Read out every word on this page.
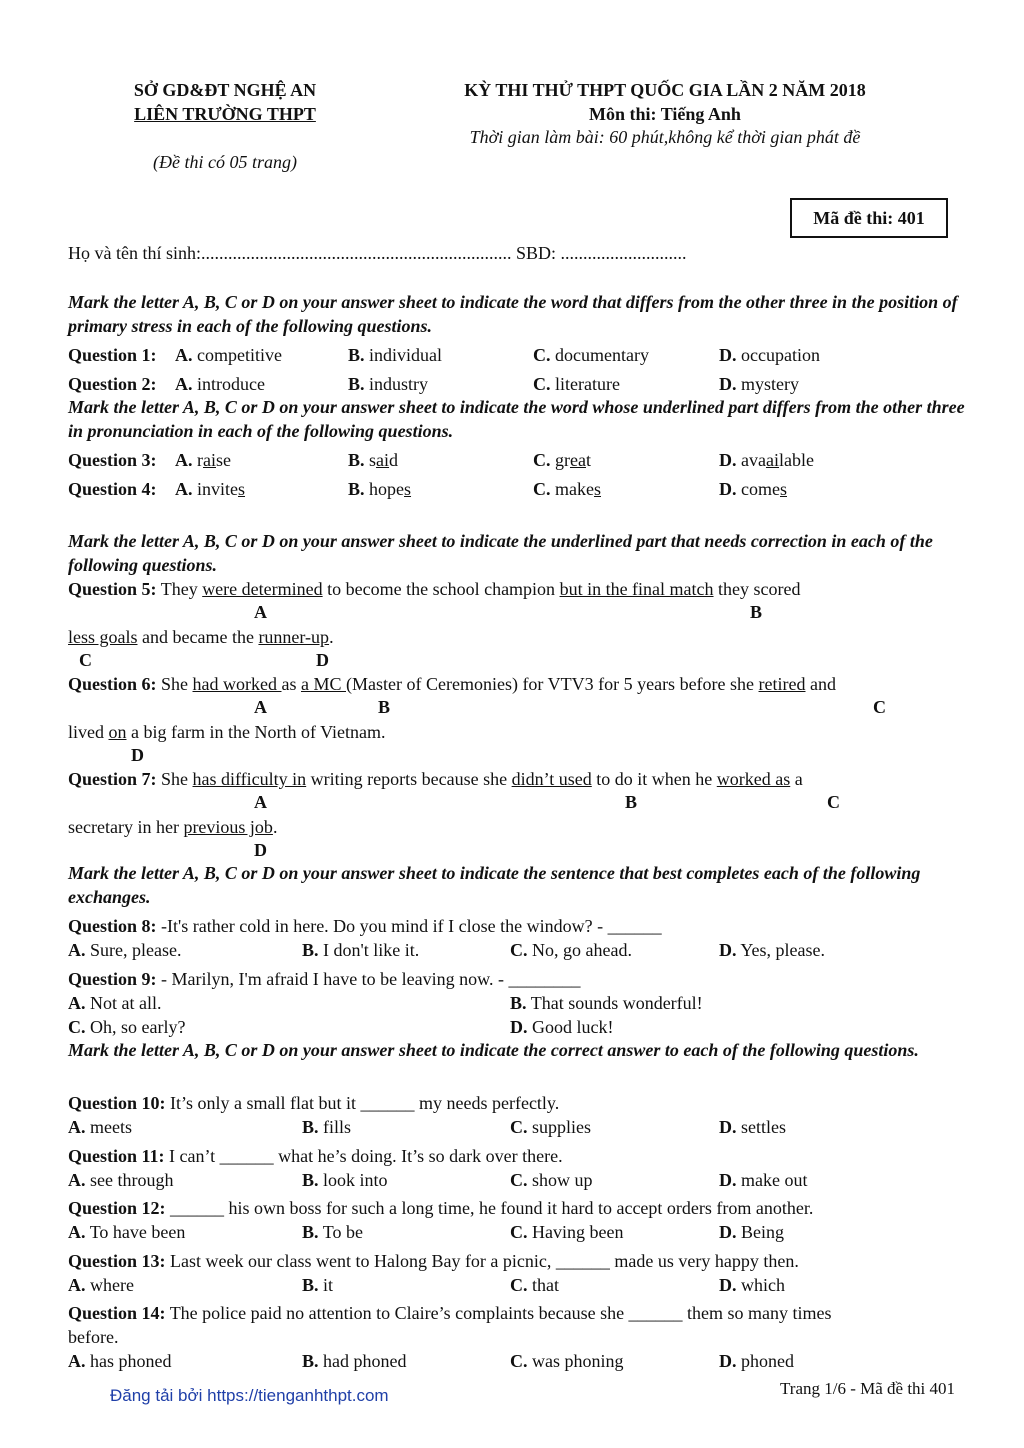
SỞ GD&ĐT NGHỆ AN
LIÊN TRƯỜNG THPT
(Đề thi có 05 trang)
KỲ THI THỬ THPT QUỐC GIA LẦN 2 NĂM 2018
Môn thi: Tiếng Anh
Thời gian làm bài: 60 phút,không kể thời gian phát đề
Mã đề thi: 401
Họ và tên thí sinh:..................................................................... SBD: ............................
Mark the letter A, B, C or D on your answer sheet to indicate the word that differs from the other three in the position of primary stress in each of the following questions.
Question 1: A. competitive	B. individual	C. documentary	D. occupation
Question 2: A. introduce	B. industry	C. literature	D. mystery
Mark the letter A, B, C or D on your answer sheet to indicate the word whose underlined part differs from the other three in pronunciation in each of the following questions.
Question 3: A. raise	B. said	C. great	D. avaailable
Question 4: A. invites	B. hopes	C. makes	D. comes
Mark the letter A, B, C or D on your answer sheet to indicate the underlined part that needs correction in each of the following questions.
Question 5: They were determined to become the school champion but in the final match they scored
A	B
less goals and became the runner-up.
C	D
Question 6: She had worked as a MC (Master of Ceremonies) for VTV3 for 5 years before she retired and
A	B	C
lived on a big farm in the North of Vietnam.
D
Question 7: She has difficulty in writing reports because she didn’t used to do it when he worked as a
A	B	C
secretary in her previous job.
D
Mark the letter A, B, C or D on your answer sheet to indicate the sentence that best completes each of the following exchanges.
Question 8: -It's rather cold in here. Do you mind if I close the window? - ______
A. Sure, please.	B. I don't like it.	C. No, go ahead.	D. Yes, please.
Question 9: - Marilyn, I'm afraid I have to be leaving now. - ________
A. Not at all.	B. That sounds wonderful!
C. Oh, so early?	D. Good luck!
Mark the letter A, B, C or D on your answer sheet to indicate the correct answer to each of the following questions.
Question 10: It’s only a small flat but it ______ my needs perfectly.
A. meets	B. fills	C. supplies	D. settles
Question 11: I can’t ______ what he’s doing. It’s so dark over there.
A. see through	B. look into	C. show up	D. make out
Question 12: ______ his own boss for such a long time, he found it hard to accept orders from another.
A. To have been	B. To be	C. Having been	D. Being
Question 13: Last week our class went to Halong Bay for a picnic, ______ made us very happy then.
A. where	B. it	C. that	D. which
Question 14: The police paid no attention to Claire’s complaints because she ______ them so many times
before.
A. has phoned	B. had phoned	C. was phoning	D. phoned
Đăng tải bởi https://tienganhthpt.com	Trang 1/6 - Mã đề thi 401
